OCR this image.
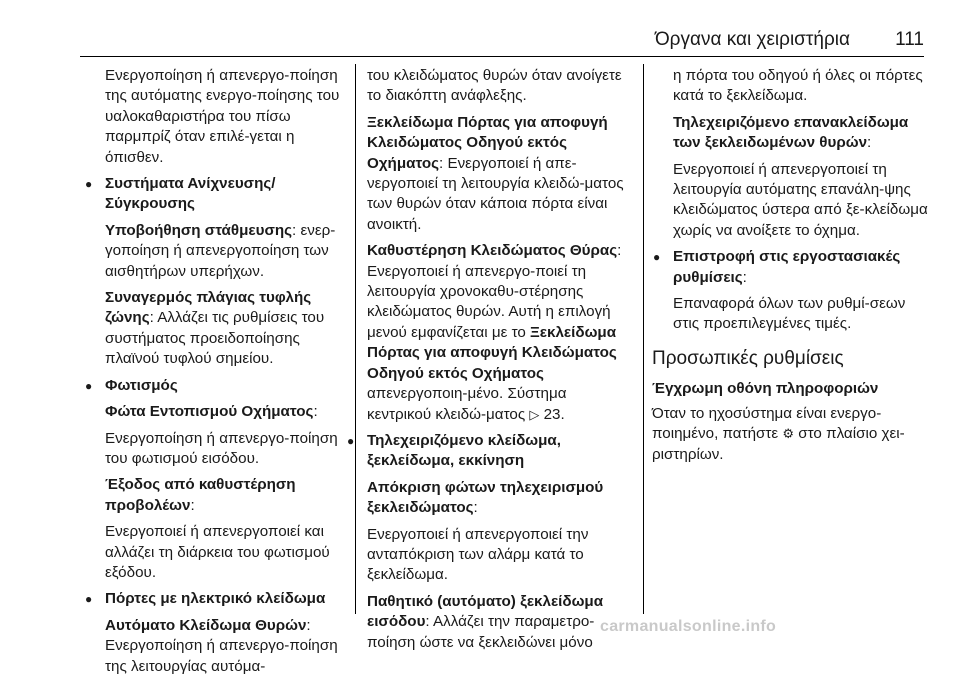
Όργανα και χειριστήρια 111

Ενεργοποίηση ή απενεργο-ποίηση της αυτόματης ενεργο-ποίησης του υαλοκαθαριστήρα του πίσω παρμπρίζ όταν επιλέ-γεται η όπισθεν.

● Συστήματα Ανίχνευσης/ Σύγκρουσης

Υποβοήθηση στάθμευσης: ενερ-γοποίηση ή απενεργοποίηση των αισθητήρων υπερήχων.

Συναγερμός πλάγιας τυφλής ζώνης: Αλλάζει τις ρυθμίσεις του συστήματος προειδοποίησης πλαϊνού τυφλού σημείου.

● Φωτισμός

Φώτα Εντοπισμού Οχήματος:

Ενεργοποίηση ή απενεργο-ποίηση του φωτισμού εισόδου.

Έξοδος από καθυστέρηση προβολέων:

Ενεργοποιεί ή απενεργοποιεί και αλλάζει τη διάρκεια του φωτισμού εξόδου.

● Πόρτες με ηλεκτρικό κλείδωμα

Αυτόματο Κλείδωμα Θυρών:
Ενεργοποίηση ή απενεργο-ποίηση της λειτουργίας αυτόμα-

του κλειδώματος θυρών όταν ανοίγετε το διακόπτη ανάφλεξης.

Ξεκλείδωμα Πόρτας για αποφυγή Κλειδώματος Οδηγού εκτός Οχήματος: Ενεργοποιεί ή απε-νεργοποιεί τη λειτουργία κλειδώ-ματος των θυρών όταν κάποια πόρτα είναι ανοικτή.

Καθυστέρηση Κλειδώματος Θύρας: Ενεργοποιεί ή απενεργο-ποιεί τη λειτουργία χρονοκαθυ-στέρησης κλειδώματος θυρών. Αυτή η επιλογή μενού εμφανίζεται με το Ξεκλείδωμα Πόρτας για αποφυγή Κλειδώματος Οδηγού εκτός Οχήματος απενεργοποιη-μένο. Σύστημα κεντρικού κλειδώ-ματος ▷ 23.

● Τηλεχειριζόμενο κλείδωμα, ξεκλείδωμα, εκκίνηση

Απόκριση φώτων τηλεχειρισμού ξεκλειδώματος:

Ενεργοποιεί ή απενεργοποιεί την ανταπόκριση των αλάρμ κατά το ξεκλείδωμα.

Παθητικό (αυτόματο) ξεκλείδωμα εισόδου: Αλλάζει την παραμετρο-ποίηση ώστε να ξεκλειδώνει μόνο

η πόρτα του οδηγού ή όλες οι πόρτες κατά το ξεκλείδωμα.

Τηλεχειριζόμενο επανακλείδωμα των ξεκλειδωμένων θυρών:

Ενεργοποιεί ή απενεργοποιεί τη λειτουργία αυτόματης επανάλη-ψης κλειδώματος ύστερα από ξε-κλείδωμα χωρίς να ανοίξετε το όχημα.

● Επιστροφή στις εργοστασιακές ρυθμίσεις:

Επαναφορά όλων των ρυθμί-σεων στις προεπιλεγμένες τιμές.

Προσωπικές ρυθμίσεις
Έγχρωμη οθόνη πληροφοριών

Όταν το ηχοσύστημα είναι ενεργο-ποιημένο, πατήστε ⚙ στο πλαίσιο χει-ριστηρίων.

carmanualsonline.info
